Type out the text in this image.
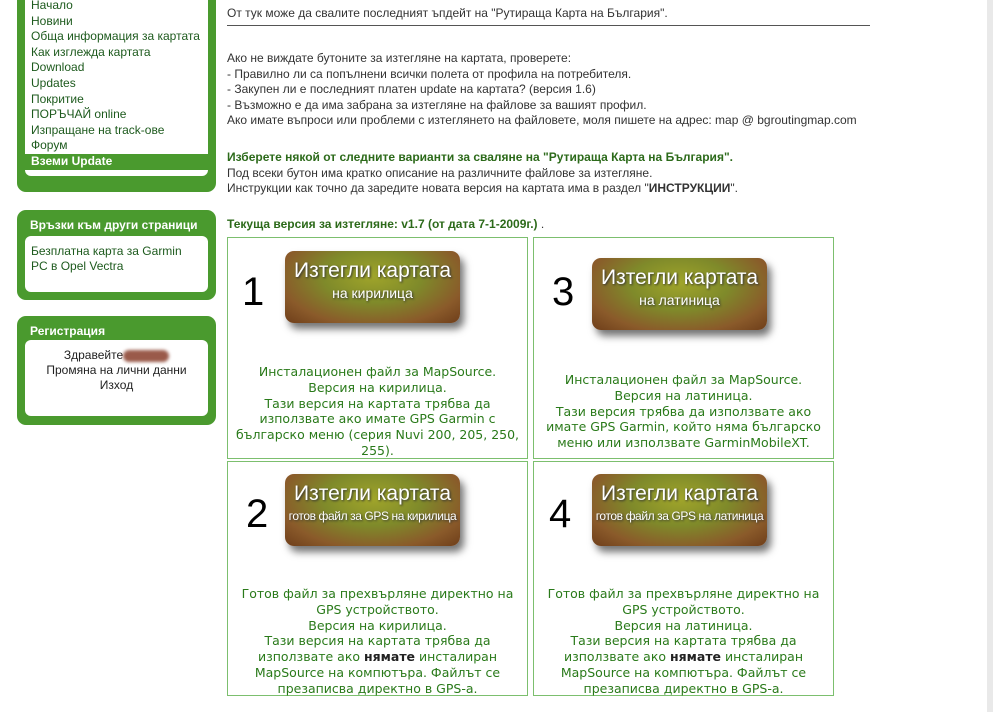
Начало
Новини
Обща информация за картата
Как изглежда картата
Download
Updates
Покритие
ПОРЪЧАЙ online
Изпращане на track-ове
Форум
Вземи Update
Връзки към други страници
Безплатна карта за Garmin
PC в Opel Vectra
Регистрация
Здравейте
Промяна на лични данни
Изход
От тук може да свалите последният ъпдейт на "Рутираща Карта на България".
Ако не виждате бутоните за изтегляне на картата, проверете:
- Правилно ли са попълнени всички полета от профила на потребителя.
- Закупен ли е последният платен update на картата? (версия 1.6)
- Възможно е да има забрана за изтегляне на файлове за вашият профил.
Ако имате въпроси или проблеми с изтеглянето на файловете, моля пишете на адрес: map @ bgroutingmap.com
Изберете някой от следните варианти за сваляне на "Рутираща Карта на България".
Под всеки бутон има кратко описание на различните файлове за изтегляне.
Инструкции как точно да заредите новата версия на картата има в раздел "ИНСТРУКЦИИ".
Текуща версия за изтегляне: v1.7 (от дата 7-1-2009г.) .
1	Изтегли картата
на кирилица
Инсталационен файл за MapSource.
Версия на кирилица.
Тази версия на картата трябва да
използвате ако имате GPS Garmin с
българско меню (серия Nuvi 200, 205, 250,
255).
3	Изтегли картата
на латиница
Инсталационен файл за MapSource.
Версия на латиница.
Тази версия трябва да използвате ако
имате GPS Garmin, който няма българско
меню или използвате GarminMobileXT.
2	Изтегли картата
готов файл за GPS на кирилица
Готов файл за прехвърляне директно на
GPS устройството.
Версия на кирилица.
Тази версия на картата трябва да
използвате ако нямате инсталиран
MapSource на компютъра. Файлът се
презаписва директно в GPS-а.
4	Изтегли картата
готов файл за GPS на латиница
Готов файл за прехвърляне директно на
GPS устройството.
Версия на латиница.
Тази версия на картата трябва да
използвате ако нямате инсталиран
MapSource на компютъра. Файлът се
презаписва директно в GPS-а.
